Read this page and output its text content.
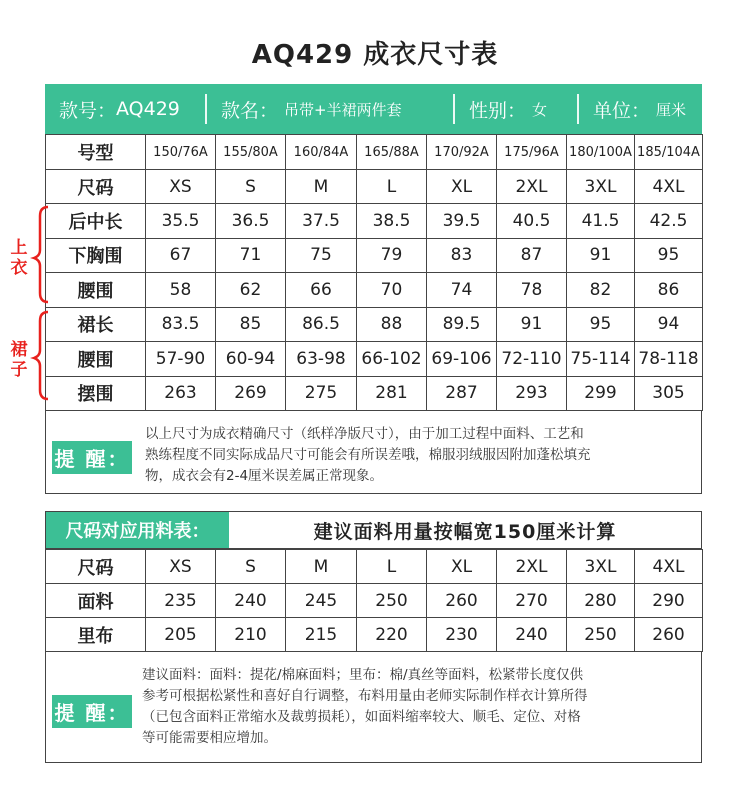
AQ429 成衣尺寸表
款号： AQ429 款名： 吊带+半裙两件套	性别： 女 单位： 厘米
号型	150/76A	155/80A	160/84A	165/88A	170/92A	175/96A	180/100A	185/104A
尺码	XS	S	M	L	XL	2XL	3XL	4XL
后中长	35.5	36.5	37.5	38.5	39.5	40.5	41.5	42.5
下胸围	67	71	75	79	83	87	91	95
腰围	58	62	66	70	74	78	82	86
裙长	83.5	85	86.5	88	89.5	91	95	94
腰围	57-90	60-94	63-98	66-102	69-106	72-110	75-114	78-118
摆围	263	269	275	281	287	293	299	305
上衣
裙子
提 醒：
以上尺寸为成衣精确尺寸（纸样净版尺寸），由于加工过程中面料、工艺和
熟练程度不同实际成品尺寸可能会有所误差哦，棉服羽绒服因附加蓬松填充
物，成衣会有2-4厘米误差属正常现象。
尺码对应用料表：	建议面料用量按幅宽150厘米计算
尺码	XS	S	M	L	XL	2XL	3XL	4XL
面料	235	240	245	250	260	270	280	290
里布	205	210	215	220	230	240	250	260
提 醒：
建议面料：面料：提花/棉麻面料；里布：棉/真丝等面料，松紧带长度仅供
参考可根据松紧性和喜好自行调整，布料用量由老师实际制作样衣计算所得
（已包含面料正常缩水及裁剪损耗），如面料缩率较大、顺毛、定位、对格
等可能需要相应增加。
